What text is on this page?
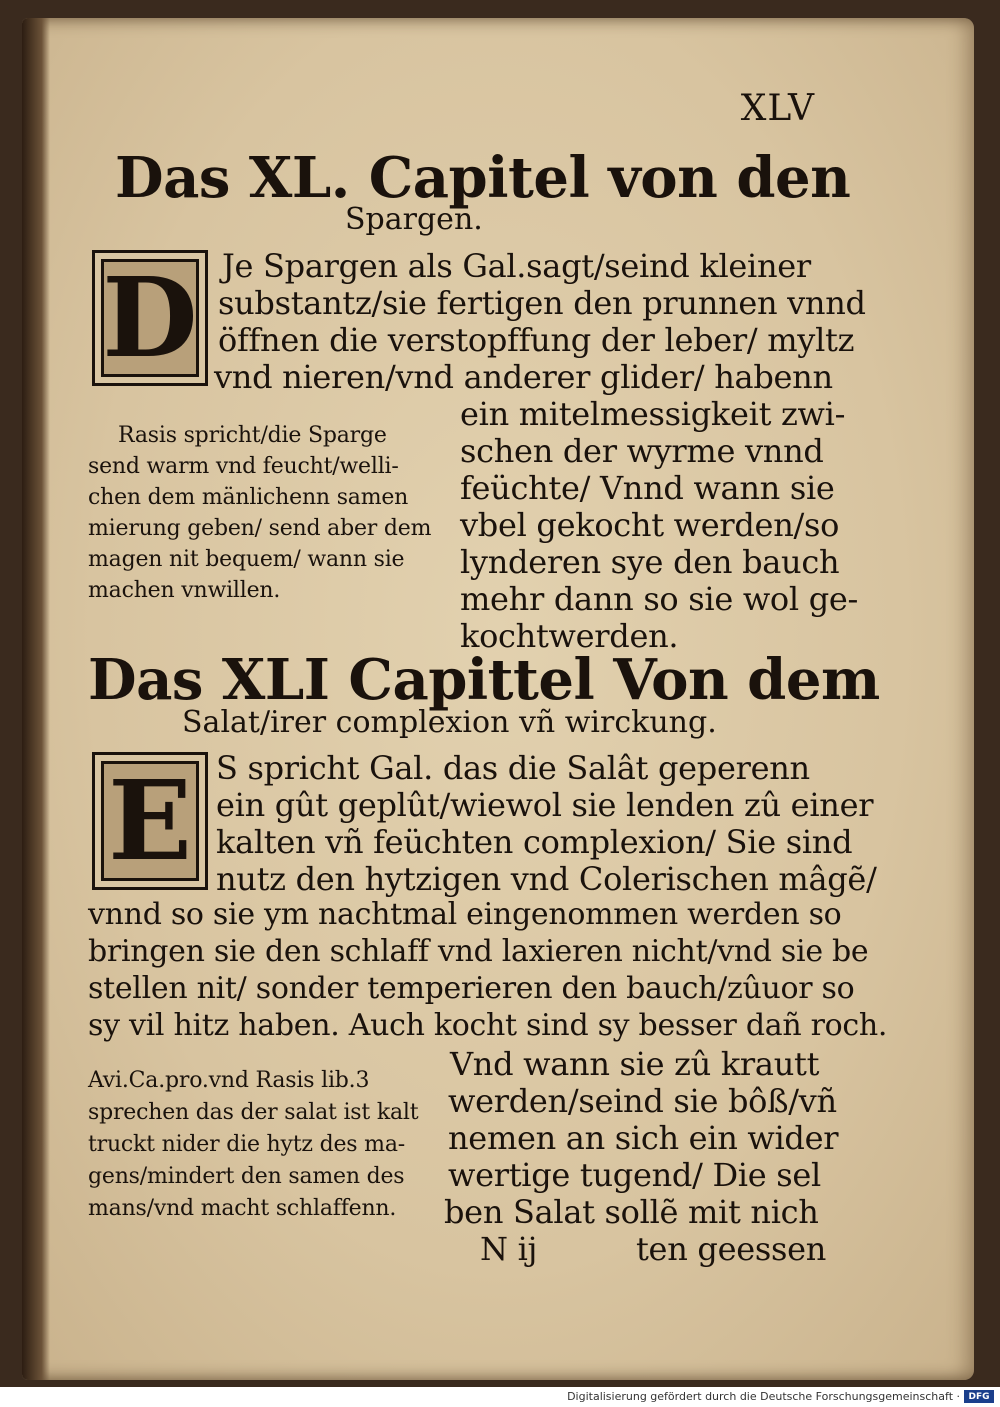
XLV
Das XL. Capitel von den
Spargen.
D Je Spargen als Gal.sagt/seind kleiner
substantz/sie fertigen den prunnen vnnd
öffnen die verstopffung der leber/ myltz
vnd nieren/vnd anderer glider/ habenn
ein mitelmessigkeit zwi-
schen der wyrme vnnd
feüchte/ Vnnd wann sie
vbel gekocht werden/so
lynderen sye den bauch
mehr dann so sie wol ge-
kochtwerden.
Rasis spricht/die Sparge
send warm vnd feucht/welli-
chen dem mänlichenn samen
mierung geben/ send aber dem
magen nit bequem/ wann sie
machen vnwillen.
Das XLI Capittel Von dem
Salat/irer complexion vñ wirckung.
E S spricht Gal. das die Salât geperenn
ein gût geplût/wiewol sie lenden zû einer
kalten vñ feüchten complexion/ Sie sind
nutz den hytzigen vnd Colerischen mâgẽ/
vnnd so sie ym nachtmal eingenommen werden so
bringen sie den schlaff vnd laxieren nicht/vnd sie be
stellen nit/ sonder temperieren den bauch/zûuor so
sy vil hitz haben. Auch kocht sind sy besser dañ roch.
Vnd wann sie zû krautt
werden/seind sie bôß/vñ
nemen an sich ein wider
wertige tugend/ Die sel
ben Salat sollẽ mit nich
Avi.Ca.pro.vnd Rasis lib.3
sprechen das der salat ist kalt
truckt nider die hytz des ma-
gens/mindert den samen des
mans/vnd macht schlaffenn.
N ij	ten geessen
Digitalisierung gefördert durch die Deutsche Forschungsgemeinschaft · DFG
